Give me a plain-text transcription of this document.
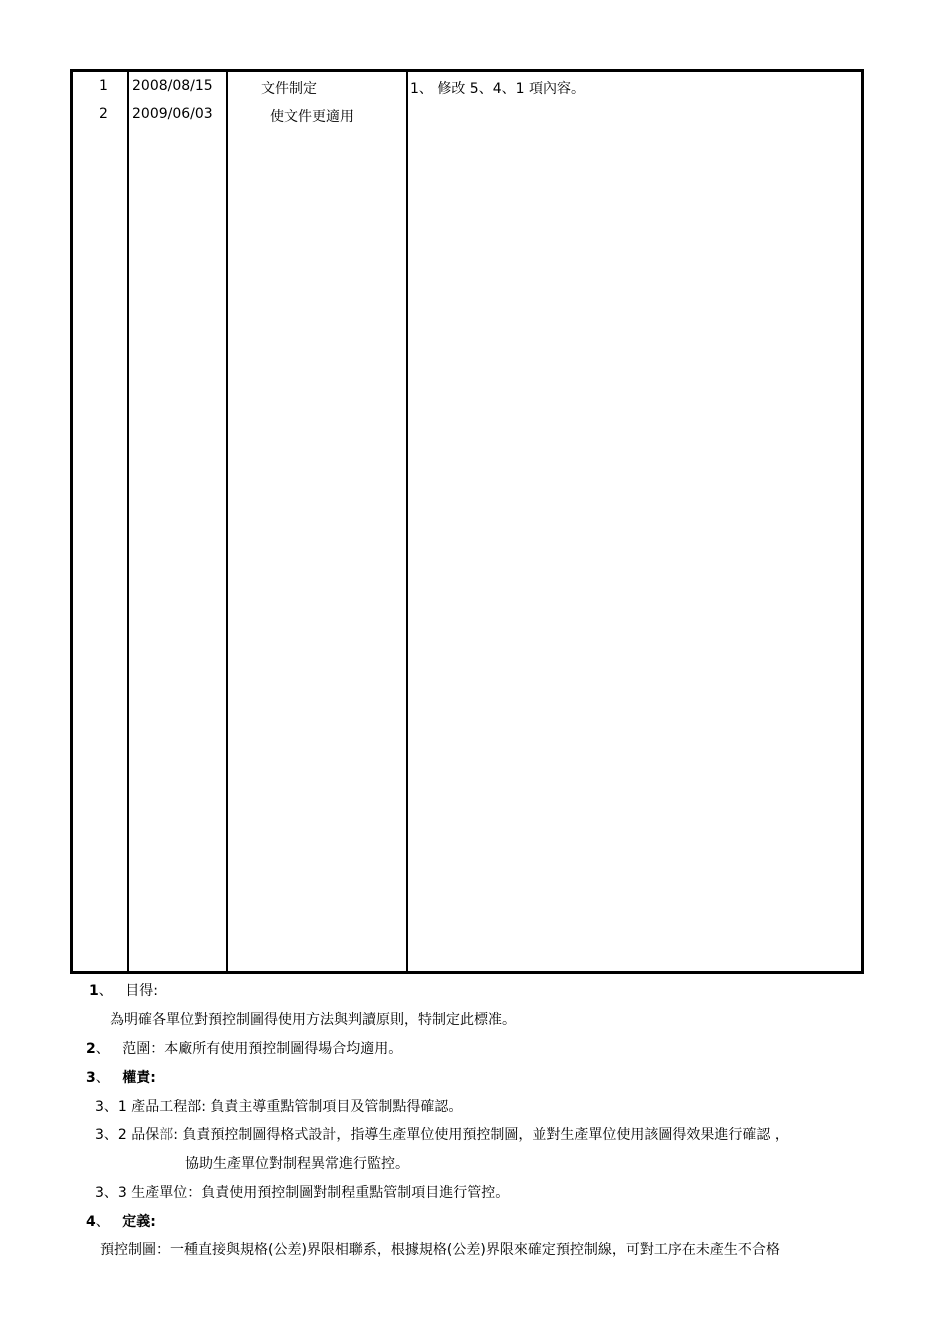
1 2008/08/15	文件制定	1、 修改 5、4、1 項內容。
2 2009/06/03	使文件更適用
1、 目得:
為明確各單位對預控制圖得使用方法與判讀原則，特制定此標准。
2、 范圍：本廠所有使用預控制圖得場合均適用。
3、 權責:
3、1 產品工程部: 負責主導重點管制項目及管制點得確認。
3、2 品保部: 負責預控制圖得格式設計，指導生產單位使用預控制圖，並對生產單位使用該圖得效果進行確認 ，
協助生產單位對制程異常進行監控。
3、3 生產單位：負責使用預控制圖對制程重點管制項目進行管控。
4、 定義:
預控制圖：一種直接與規格(公差)界限相聯系，根據規格(公差)界限來確定預控制線，可對工序在未產生不合格
